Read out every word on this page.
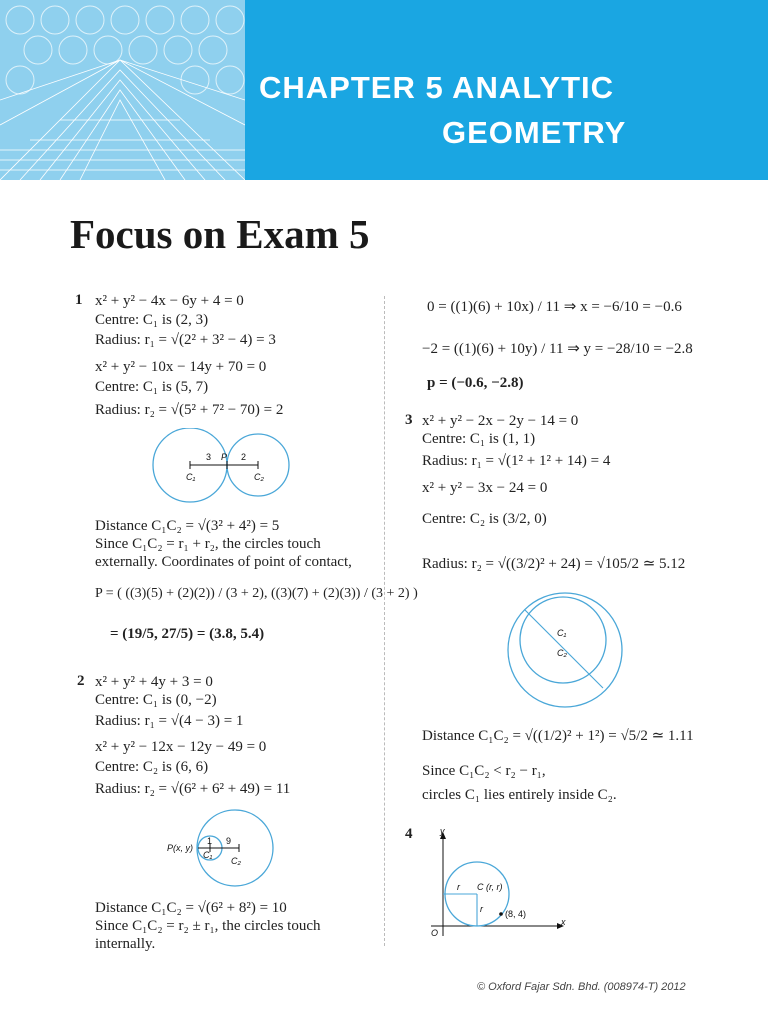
CHAPTER 5 ANALYTIC
GEOMETRY
Focus on Exam 5
1 x² + y² − 4x − 6y + 4 = 0
Centre: C₁ is (2, 3)
Radius: r₁ = √(2² + 3² − 4) = 3
x² + y² − 10x − 14y + 70 = 0
Centre: C₁ is (5, 7)
Radius: r₂ = √(5² + 7² − 70) = 2
3 P 2
C₁	C₂
Distance C₁C₂ = √(3² + 4²) = 5
Since C₁C₂ = r₁ + r₂, the circles touch
externally. Coordinates of point of contact,
P = ( ((3)(5) + (2)(2)) / (3 + 2), ((3)(7) + (2)(3)) / (3 + 2) )
= (19/5, 27/5) = (3.8, 5.4)
2 x² + y² + 4y + 3 = 0
Centre: C₁ is (0, −2)
Radius: r₁ = √(4 − 3) = 1
x² + y² − 12x − 12y − 49 = 0
Centre: C₂ is (6, 6)
Radius: r₂ = √(6² + 6² + 49) = 11
P(x, y)
1 9
C₁
C₂
Distance C₁C₂ = √(6² + 8²) = 10
Since C₁C₂ = r₂ ± r₁, the circles touch
internally.
0 = ((1)(6) + 10x) / 11 ⇒ x = −6/10 = −0.6
−2 = ((1)(6) + 10y) / 11 ⇒ y = −28/10 = −2.8
p = (−0.6, −2.8)
3 x² + y² − 2x − 2y − 14 = 0
Centre: C₁ is (1, 1)
Radius: r₁ = √(1² + 1² + 14) = 4
x² + y² − 3x − 24 = 0
Centre: C₂ is (3/2, 0)
Radius: r₂ = √((3/2)² + 24) = √105/2 ≃ 5.12
C₁
C₂
Distance C₁C₂ = √((1/2)² + 1²) = √5/2 ≃ 1.11
Since C₁C₂ < r₂ − r₁,
circles C₁ lies entirely inside C₂.
4	y
x
O
r C (r, r)
r (8, 4)
© Oxford Fajar Sdn. Bhd. (008974-T) 2012
